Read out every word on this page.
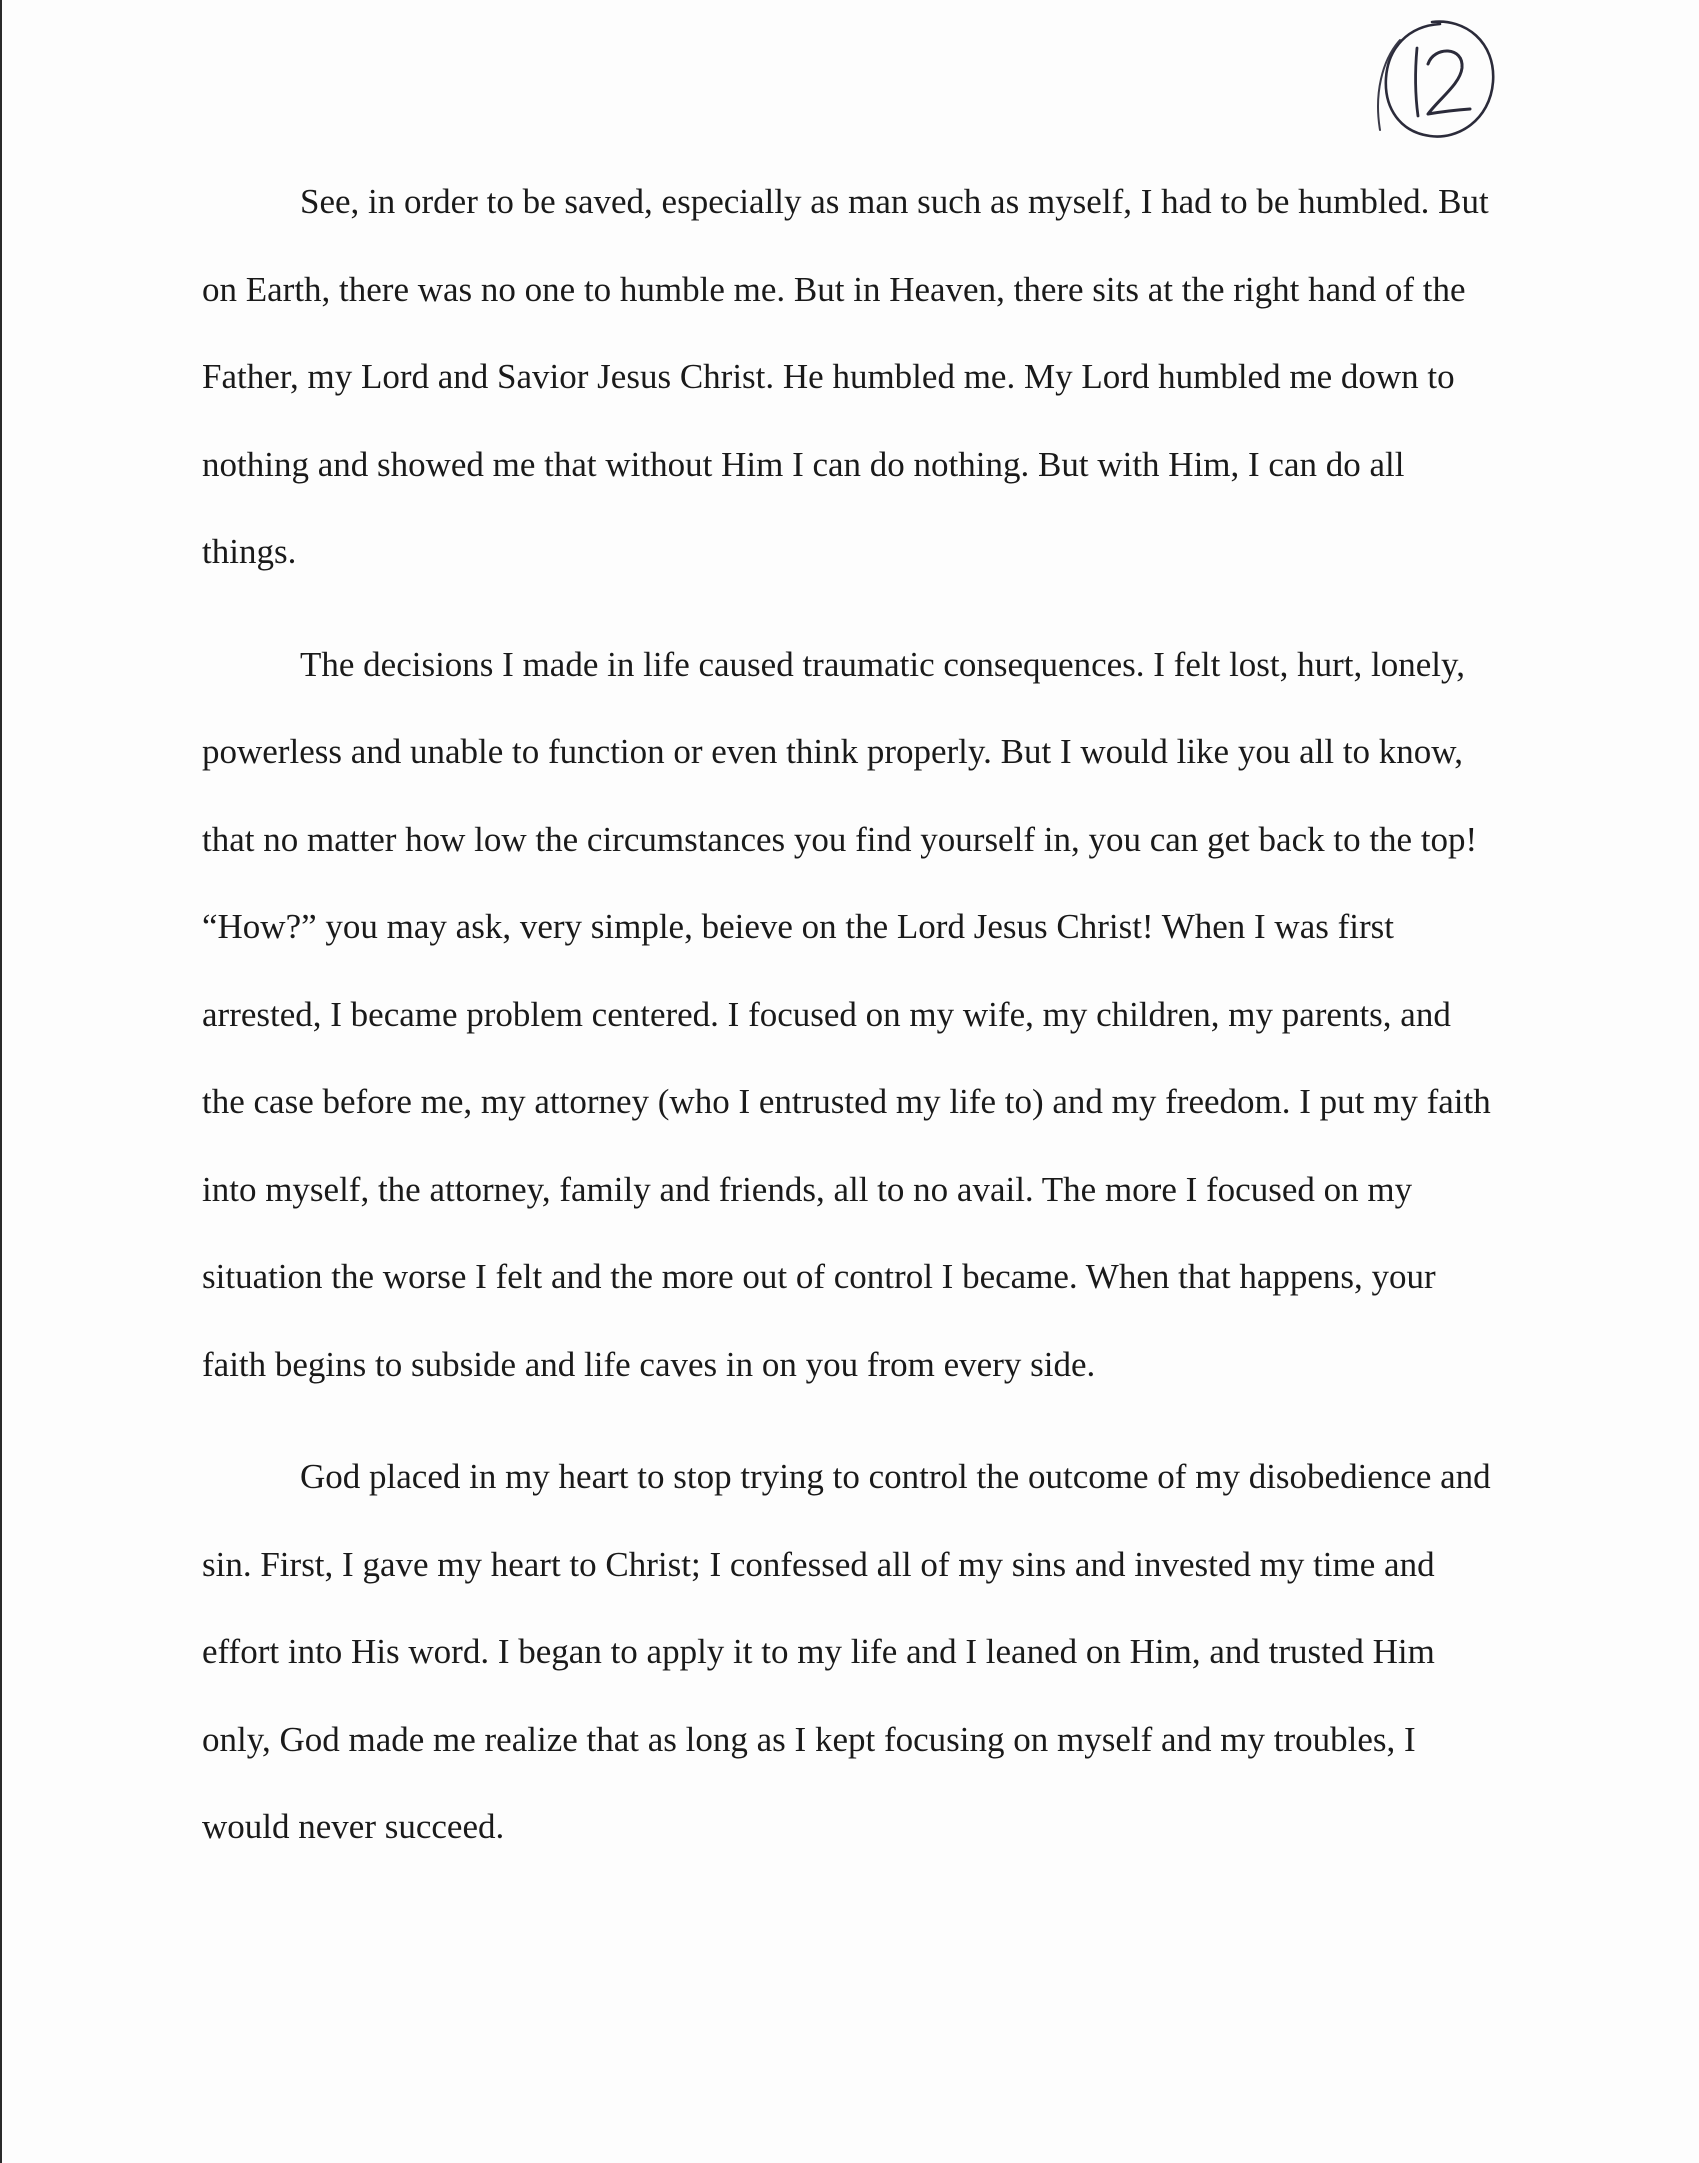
See, in order to be saved, especially as man such as myself, I had to be humbled. But on Earth, there was no one to humble me. But in Heaven, there sits at the right hand of the Father, my Lord and Savior Jesus Christ. He humbled me. My Lord humbled me down to nothing and showed me that without Him I can do nothing. But with Him, I can do all things.

The decisions I made in life caused traumatic consequences. I felt lost, hurt, lonely, powerless and unable to function or even think properly. But I would like you all to know, that no matter how low the circumstances you find yourself in, you can get back to the top! “How?” you may ask, very simple, beieve on the Lord Jesus Christ! When I was first arrested, I became problem centered. I focused on my wife, my children, my parents, and the case before me, my attorney (who I entrusted my life to) and my freedom. I put my faith into myself, the attorney, family and friends, all to no avail. The more I focused on my situation the worse I felt and the more out of control I became. When that happens, your faith begins to subside and life caves in on you from every side.

God placed in my heart to stop trying to control the outcome of my disobedience and sin. First, I gave my heart to Christ; I confessed all of my sins and invested my time and effort into His word. I began to apply it to my life and I leaned on Him, and trusted Him only, God made me realize that as long as I kept focusing on myself and my troubles, I would never succeed.
